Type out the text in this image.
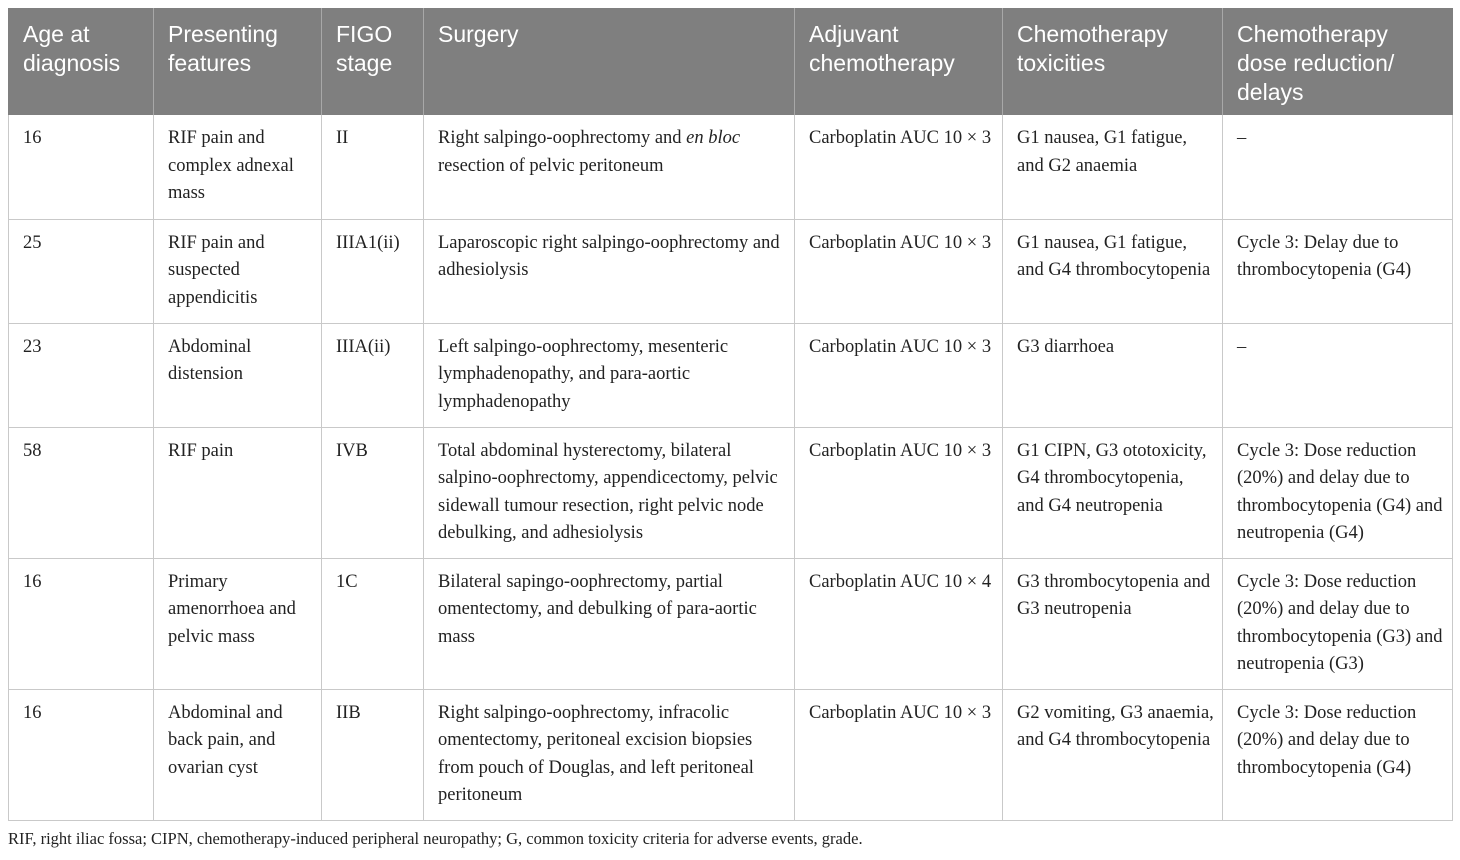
Age at diagnosis	Presenting features	FIGO stage	Surgery	Adjuvant chemotherapy	Chemotherapy toxicities	Chemotherapy dose reduction/ delays
16	RIF pain and complex adnexal mass	II	Right salpingo-oophrectomy and en bloc resection of pelvic peritoneum	Carboplatin AUC 10 × 3	G1 nausea, G1 fatigue, and G2 anaemia	–
25	RIF pain and suspected appendicitis	IIIA1(ii)	Laparoscopic right salpingo-oophrectomy and adhesiolysis	Carboplatin AUC 10 × 3	G1 nausea, G1 fatigue, and G4 thrombocytopenia	Cycle 3: Delay due to thrombocytopenia (G4)
23	Abdominal distension	IIIA(ii)	Left salpingo-oophrectomy, mesenteric lymphadenopathy, and para-aortic lymphadenopathy	Carboplatin AUC 10 × 3	G3 diarrhoea	–
58	RIF pain	IVB	Total abdominal hysterectomy, bilateral salpino-oophrectomy, appendicectomy, pelvic sidewall tumour resection, right pelvic node debulking, and adhesiolysis	Carboplatin AUC 10 × 3	G1 CIPN, G3 ototoxicity, G4 thrombocytopenia, and G4 neutropenia	Cycle 3: Dose reduction (20%) and delay due to thrombocytopenia (G4) and neutropenia (G4)
16	Primary amenorrhoea and pelvic mass	1C	Bilateral sapingo-oophrectomy, partial omentectomy, and debulking of para-aortic mass	Carboplatin AUC 10 × 4	G3 thrombocytopenia and G3 neutropenia	Cycle 3: Dose reduction (20%) and delay due to thrombocytopenia (G3) and neutropenia (G3)
16	Abdominal and back pain, and ovarian cyst	IIB	Right salpingo-oophrectomy, infracolic omentectomy, peritoneal excision biopsies from pouch of Douglas, and left peritoneal peritoneum	Carboplatin AUC 10 × 3	G2 vomiting, G3 anaemia, and G4 thrombocytopenia	Cycle 3: Dose reduction (20%) and delay due to thrombocytopenia (G4)
RIF, right iliac fossa; CIPN, chemotherapy-induced peripheral neuropathy; G, common toxicity criteria for adverse events, grade.
